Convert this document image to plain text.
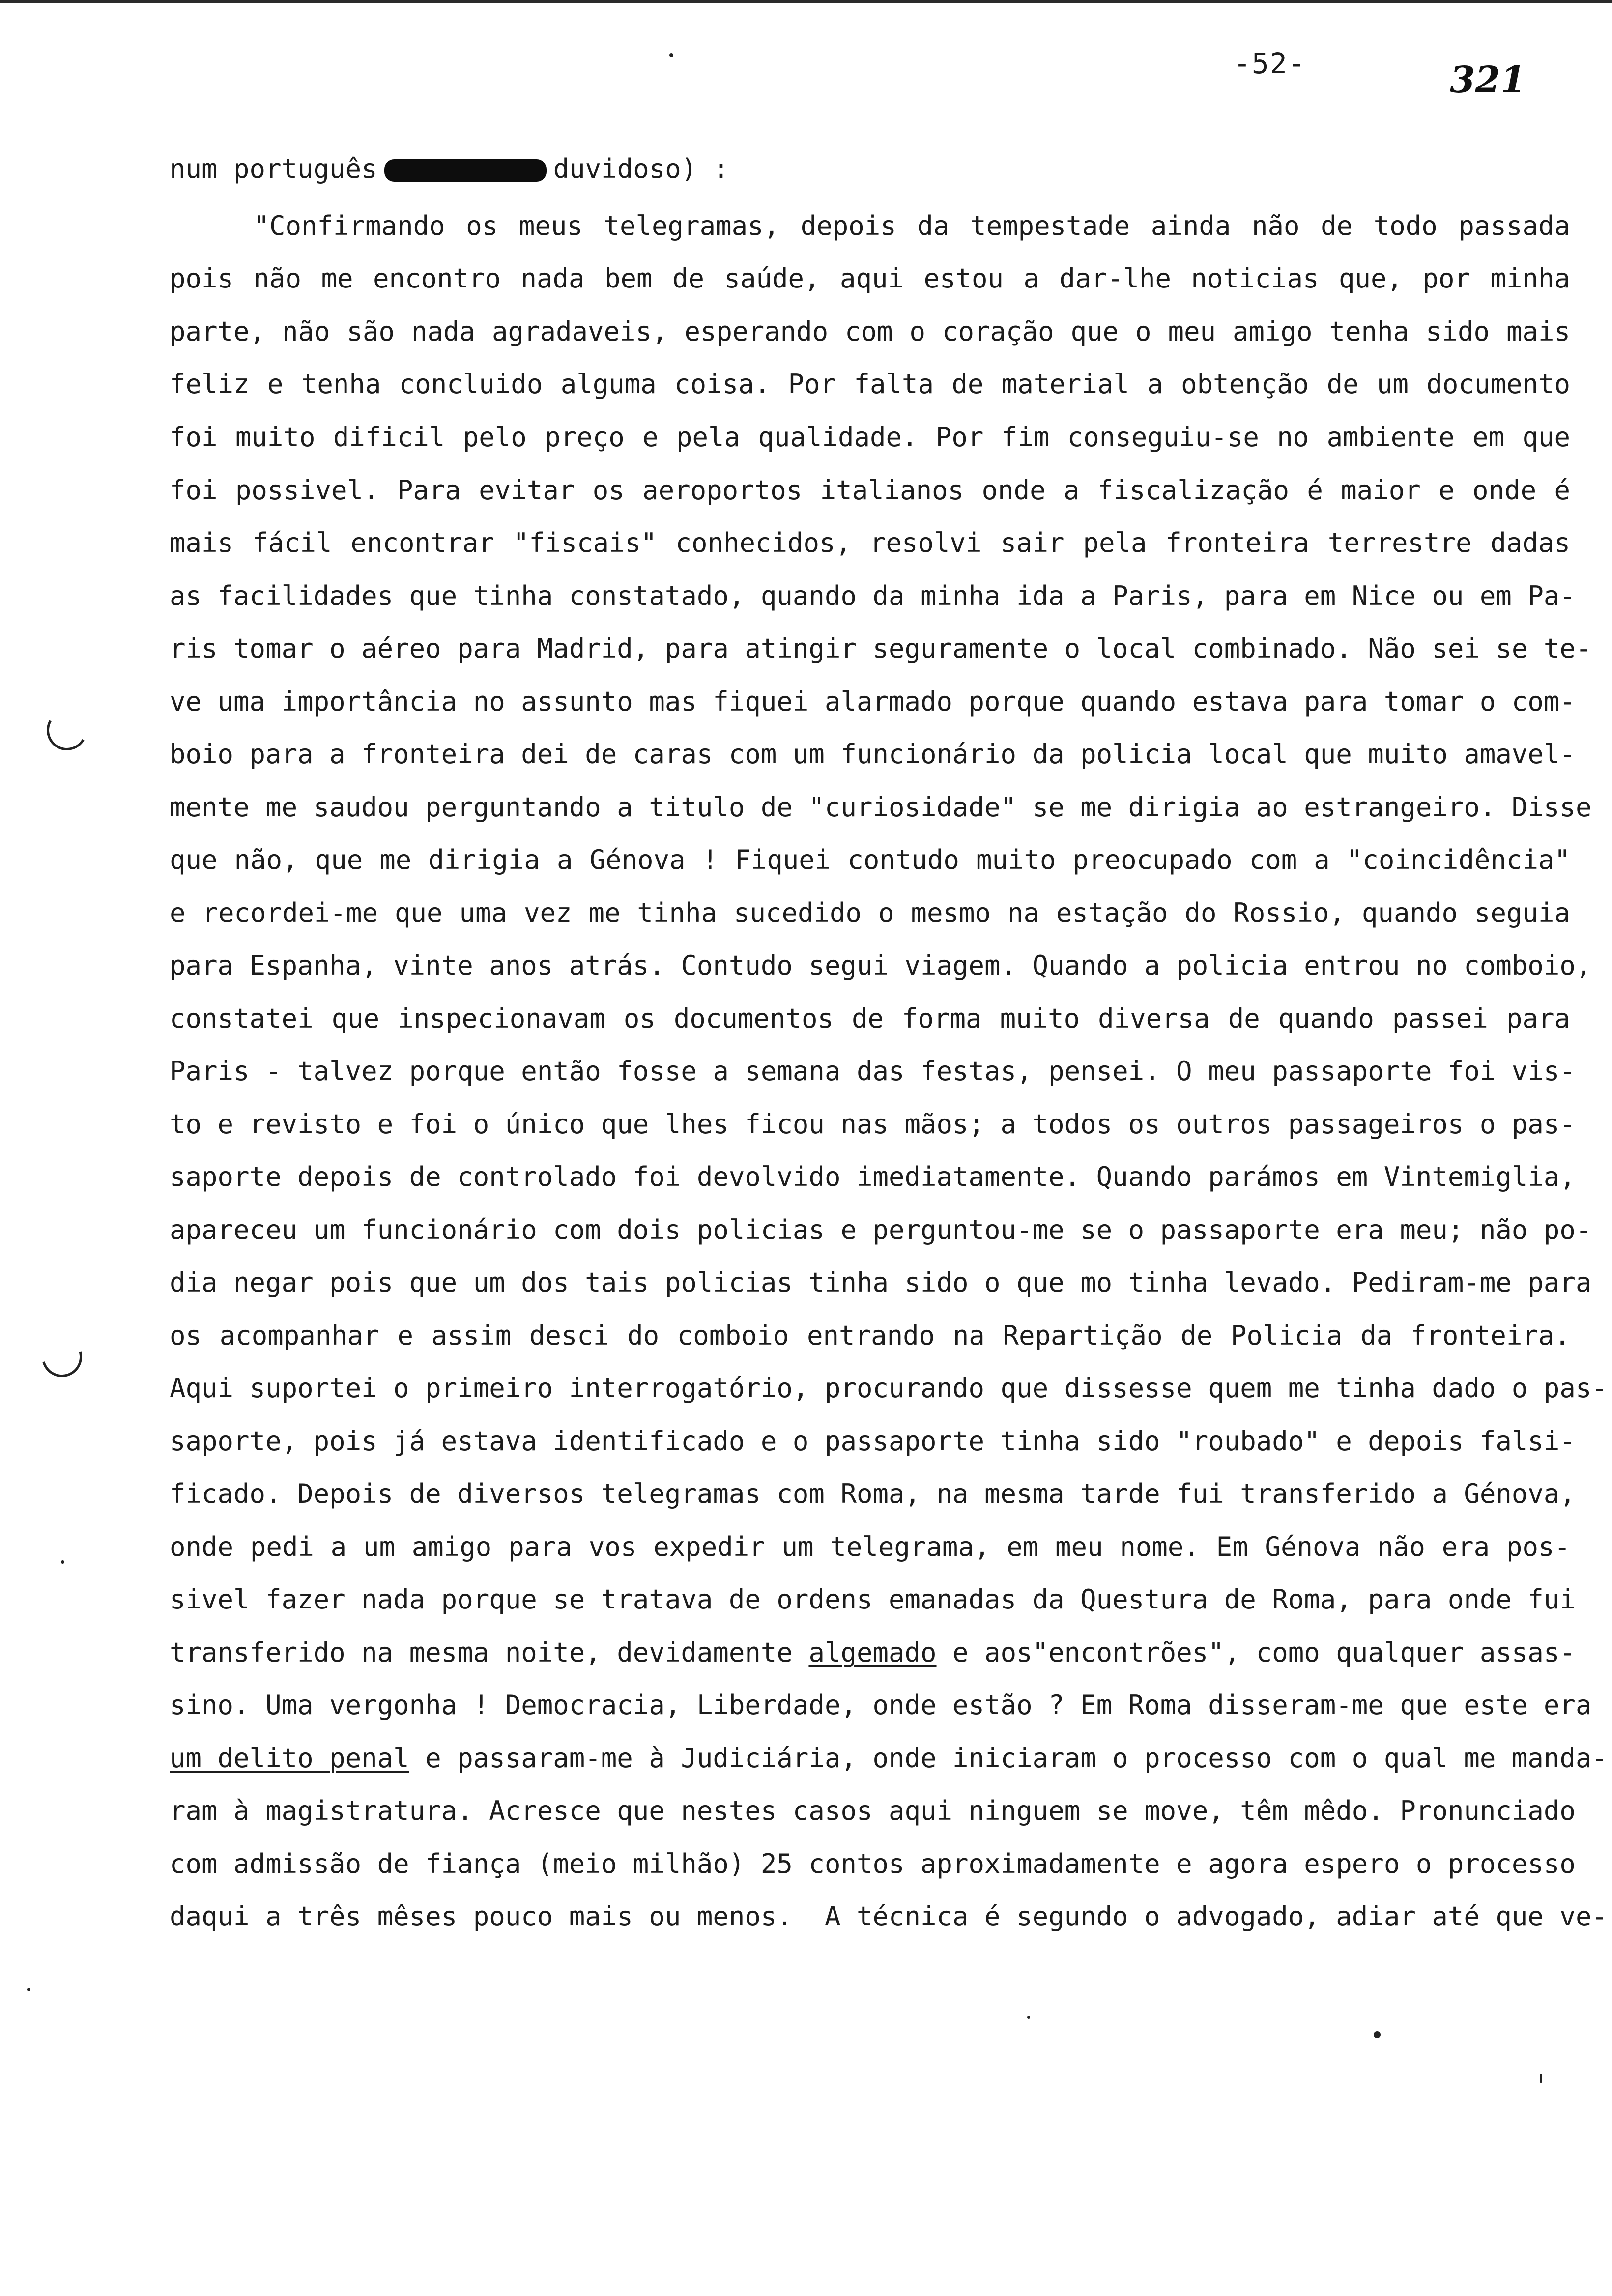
-52-	321
num português	duvidoso) :
"Confirmando os meus telegramas, depois da tempestade ainda não de todo passada
pois não me encontro nada bem de saúde, aqui estou a dar-lhe noticias que, por minha
parte, não são nada agradaveis, esperando com o coração que o meu amigo tenha sido mais
feliz e tenha concluido alguma coisa. Por falta de material a obtenção de um documento
foi muito dificil pelo preço e pela qualidade. Por fim conseguiu-se no ambiente em que
foi possivel. Para evitar os aeroportos italianos onde a fiscalização é maior e onde é
mais fácil encontrar "fiscais" conhecidos, resolvi sair pela fronteira terrestre dadas
as facilidades que tinha constatado, quando da minha ida a Paris, para em Nice ou em Pa-
ris tomar o aéreo para Madrid, para atingir seguramente o local combinado. Não sei se te-
ve uma importância no assunto mas fiquei alarmado porque quando estava para tomar o com-
boio para a fronteira dei de caras com um funcionário da policia local que muito amavel-
mente me saudou perguntando a titulo de "curiosidade" se me dirigia ao estrangeiro. Disse
que não, que me dirigia a Génova ! Fiquei contudo muito preocupado com a "coincidência"
e recordei-me que uma vez me tinha sucedido o mesmo na estação do Rossio, quando seguia
para Espanha, vinte anos atrás. Contudo segui viagem. Quando a policia entrou no comboio,
constatei que inspecionavam os documentos de forma muito diversa de quando passei para
Paris - talvez porque então fosse a semana das festas, pensei. O meu passaporte foi vis-
to e revisto e foi o único que lhes ficou nas mãos; a todos os outros passageiros o pas-
saporte depois de controlado foi devolvido imediatamente. Quando parámos em Vintemiglia,
apareceu um funcionário com dois policias e perguntou-me se o passaporte era meu; não po-
dia negar pois que um dos tais policias tinha sido o que mo tinha levado. Pediram-me para
os acompanhar e assim desci do comboio entrando na Repartição de Policia da fronteira.
Aqui suportei o primeiro interrogatório, procurando que dissesse quem me tinha dado o pas-
saporte, pois já estava identificado e o passaporte tinha sido "roubado" e depois falsi-
ficado. Depois de diversos telegramas com Roma, na mesma tarde fui transferido a Génova,
onde pedi a um amigo para vos expedir um telegrama, em meu nome. Em Génova não era pos-
sivel fazer nada porque se tratava de ordens emanadas da Questura de Roma, para onde fui
transferido na mesma noite, devidamente algemado e aos"encontrões", como qualquer assas-
sino. Uma vergonha ! Democracia, Liberdade, onde estão ? Em Roma disseram-me que este era
um delito penal e passaram-me à Judiciária, onde iniciaram o processo com o qual me manda-
ram à magistratura. Acresce que nestes casos aqui ninguem se move, têm mêdo. Pronunciado
com admissão de fiança (meio milhão) 25 contos aproximadamente e agora espero o processo
daqui a três mêses pouco mais ou menos.  A técnica é segundo o advogado, adiar até que ve-
